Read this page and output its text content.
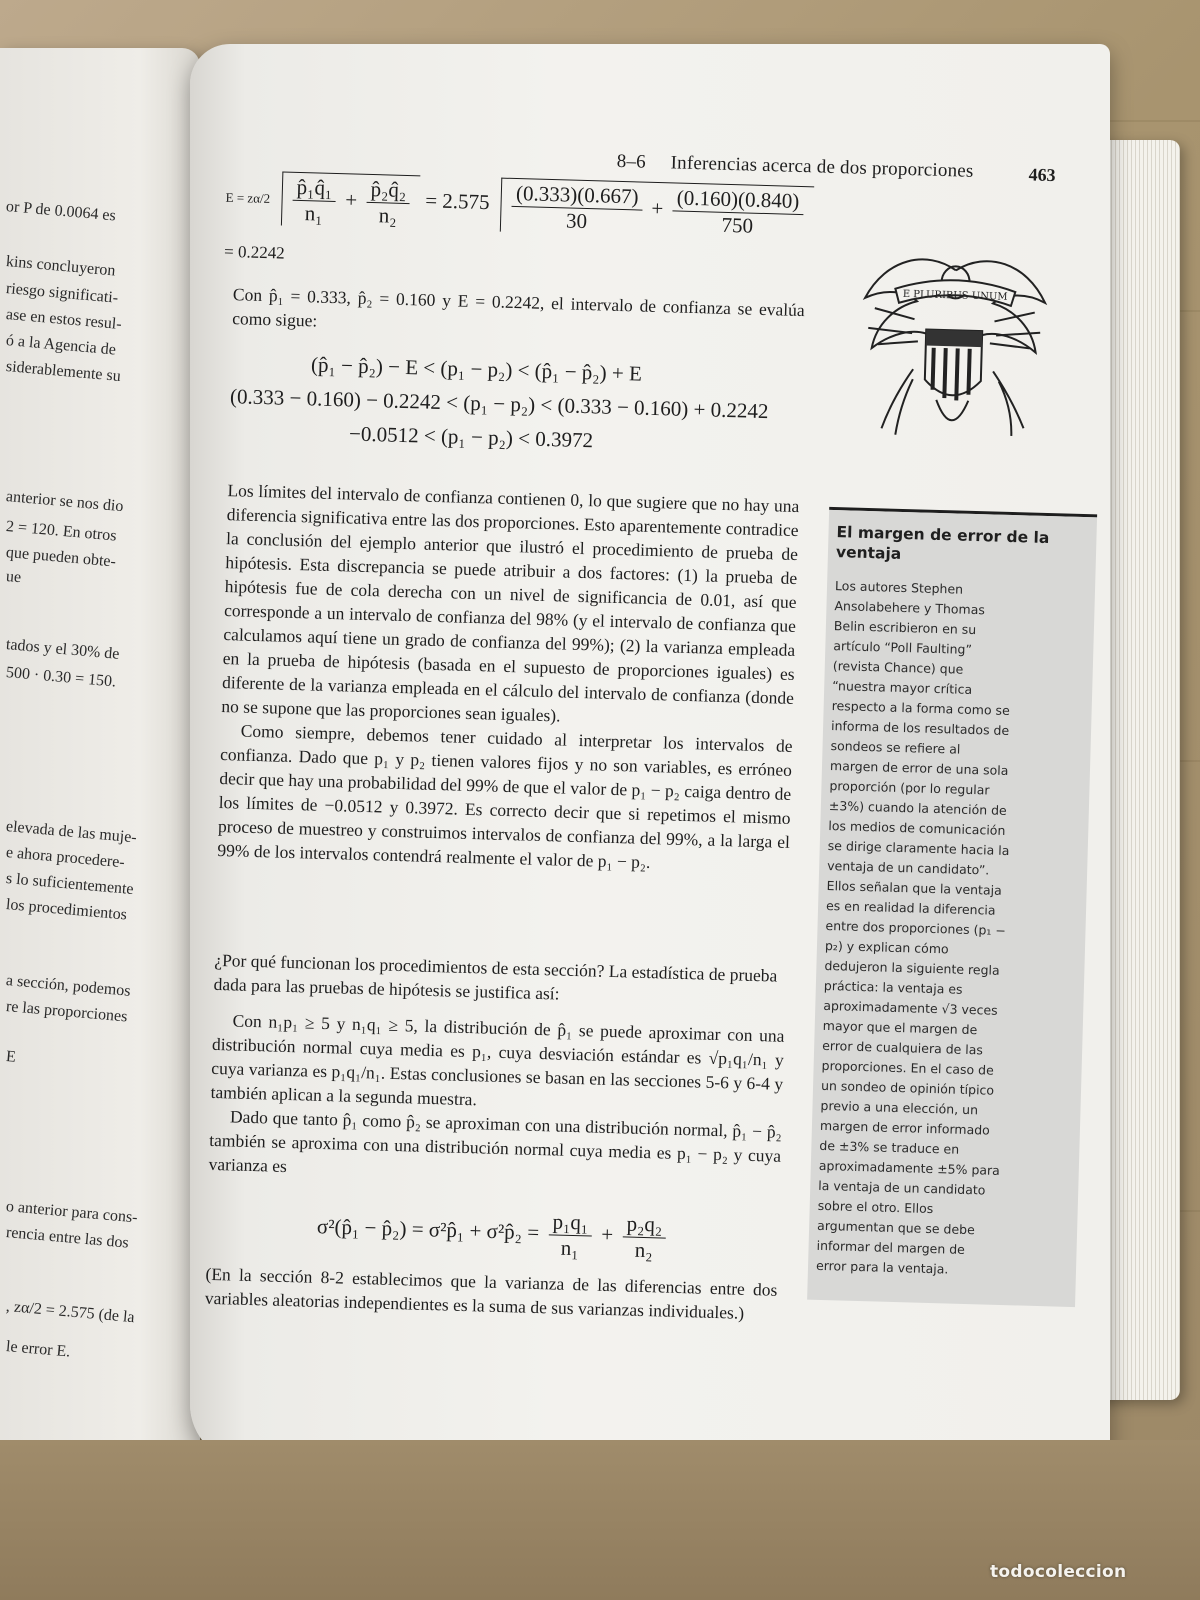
or P de 0.0064 es
kins concluyeron
riesgo significati-
ase en estos resul-
ó a la Agencia de
siderablemente su
anterior se nos dio
2 = 120. En otros
que pueden obte-
ue
tados y el 30% de
500 · 0.30 = 150.
elevada de las muje-
e ahora procedere-
s lo suficientemente
los procedimientos
a sección, podemos
re las proporciones
E
o anterior para cons-
rencia entre las dos
, zα/2 = 2.575 (de la
le error E.
8–6 Inferencias acerca de dos proporciones	463
$E = z\alpha/2 \frac{\text{p̂₁q̂₁}}{\text{n₁}} + \frac{\text{p̂₂q̂₂}}{\text{n₂}} = 2.575 \frac{(0.333)(0.667)}{30} + \frac{(0.160)(0.840)}{750}$
= 0.2242

Con p̂₁ = 0.333, p̂₂ = 0.160 y E = 0.2242, el intervalo de confianza se evalúa como sigue:

(p̂₁ − p̂₂) − E < (p₁ − p₂) < (p̂₁ − p̂₂) + E
(0.333 − 0.160) − 0.2242 < (p₁ − p₂) < (0.333 − 0.160) + 0.2242
−0.0512 < (p₁ − p₂) < 0.3972

Los límites del intervalo de confianza contienen 0, lo que sugiere que no hay una diferencia significativa entre las dos proporciones. Esto aparentemente contradice la conclusión del ejemplo anterior que ilustró el procedimiento de prueba de hipótesis. Esta discrepancia se puede atribuir a dos factores: (1) la prueba de hipótesis fue de cola derecha con un nivel de significancia de 0.01, así que corresponde a un intervalo de confianza del 98% (y el intervalo de confianza que calculamos aquí tiene un grado de confianza del 99%); (2) la varianza empleada en la prueba de hipótesis (basada en el supuesto de proporciones iguales) es diferente de la varianza empleada en el cálculo del intervalo de confianza (donde no se supone que las proporciones sean iguales).

Como siempre, debemos tener cuidado al interpretar los intervalos de confianza. Dado que p₁ y p₂ tienen valores fijos y no son variables, es erróneo decir que hay una probabilidad del 99% de que el valor de p₁ − p₂ caiga dentro de los límites de −0.0512 y 0.3972. Es correcto decir que si repetimos el mismo proceso de muestreo y construimos intervalos de confianza del 99%, a la larga el 99% de los intervalos contendrá realmente el valor de p₁ − p₂.

¿Por qué funcionan los procedimientos de esta sección? La estadística de prueba dada para las pruebas de hipótesis se justifica así:

Con n₁p₁ ≥ 5 y n₁q₁ ≥ 5, la distribución de p̂₁ se puede aproximar con una distribución normal cuya media es p₁, cuya desviación estándar es √p₁q₁/n₁ y cuya varianza es p₁q₁/n₁. Estas conclusiones se basan en las secciones 5-6 y 6-4 y también aplican a la segunda muestra.

Dado que tanto p̂₁ como p̂₂ se aproximan con una distribución normal, p̂₁ − p̂₂ también se aproxima con una distribución normal cuya media es p₁ − p₂ y cuya varianza es

σ²(p̂₁ − p̂₂) = σ²p̂₁ + σ²p̂₂ = $\frac{\text{p₁q₁}}{\text{n₁}} + \frac{\text{p₂q₂}}{\text{n₂}}$

(En la sección 8-2 establecimos que la varianza de las diferencias entre dos variables aleatorias independientes es la suma de sus varianzas individuales.)

E PLURIBUS UNUM
El margen de error de la ventaja

Los autores Stephen Ansolabehere y Thomas Belin escribieron en su artículo “Poll Faulting” (revista Chance) que “nuestra mayor crítica respecto a la forma como se informa de los resultados de sondeos se refiere al margen de error de una sola proporción (por lo regular ±3%) cuando la atención de los medios de comunicación se dirige claramente hacia la ventaja de un candidato”. Ellos señalan que la ventaja es en realidad la diferencia entre dos proporciones (p₁ − p₂) y explican cómo dedujeron la siguiente regla práctica: la ventaja es aproximadamente √3 veces mayor que el margen de error de cualquiera de las proporciones. En el caso de un sondeo de opinión típico previo a una elección, un margen de error informado de ±3% se traduce en aproximadamente ±5% para la ventaja de un candidato sobre el otro. Ellos argumentan que se debe informar del margen de error para la ventaja.

todocoleccion
